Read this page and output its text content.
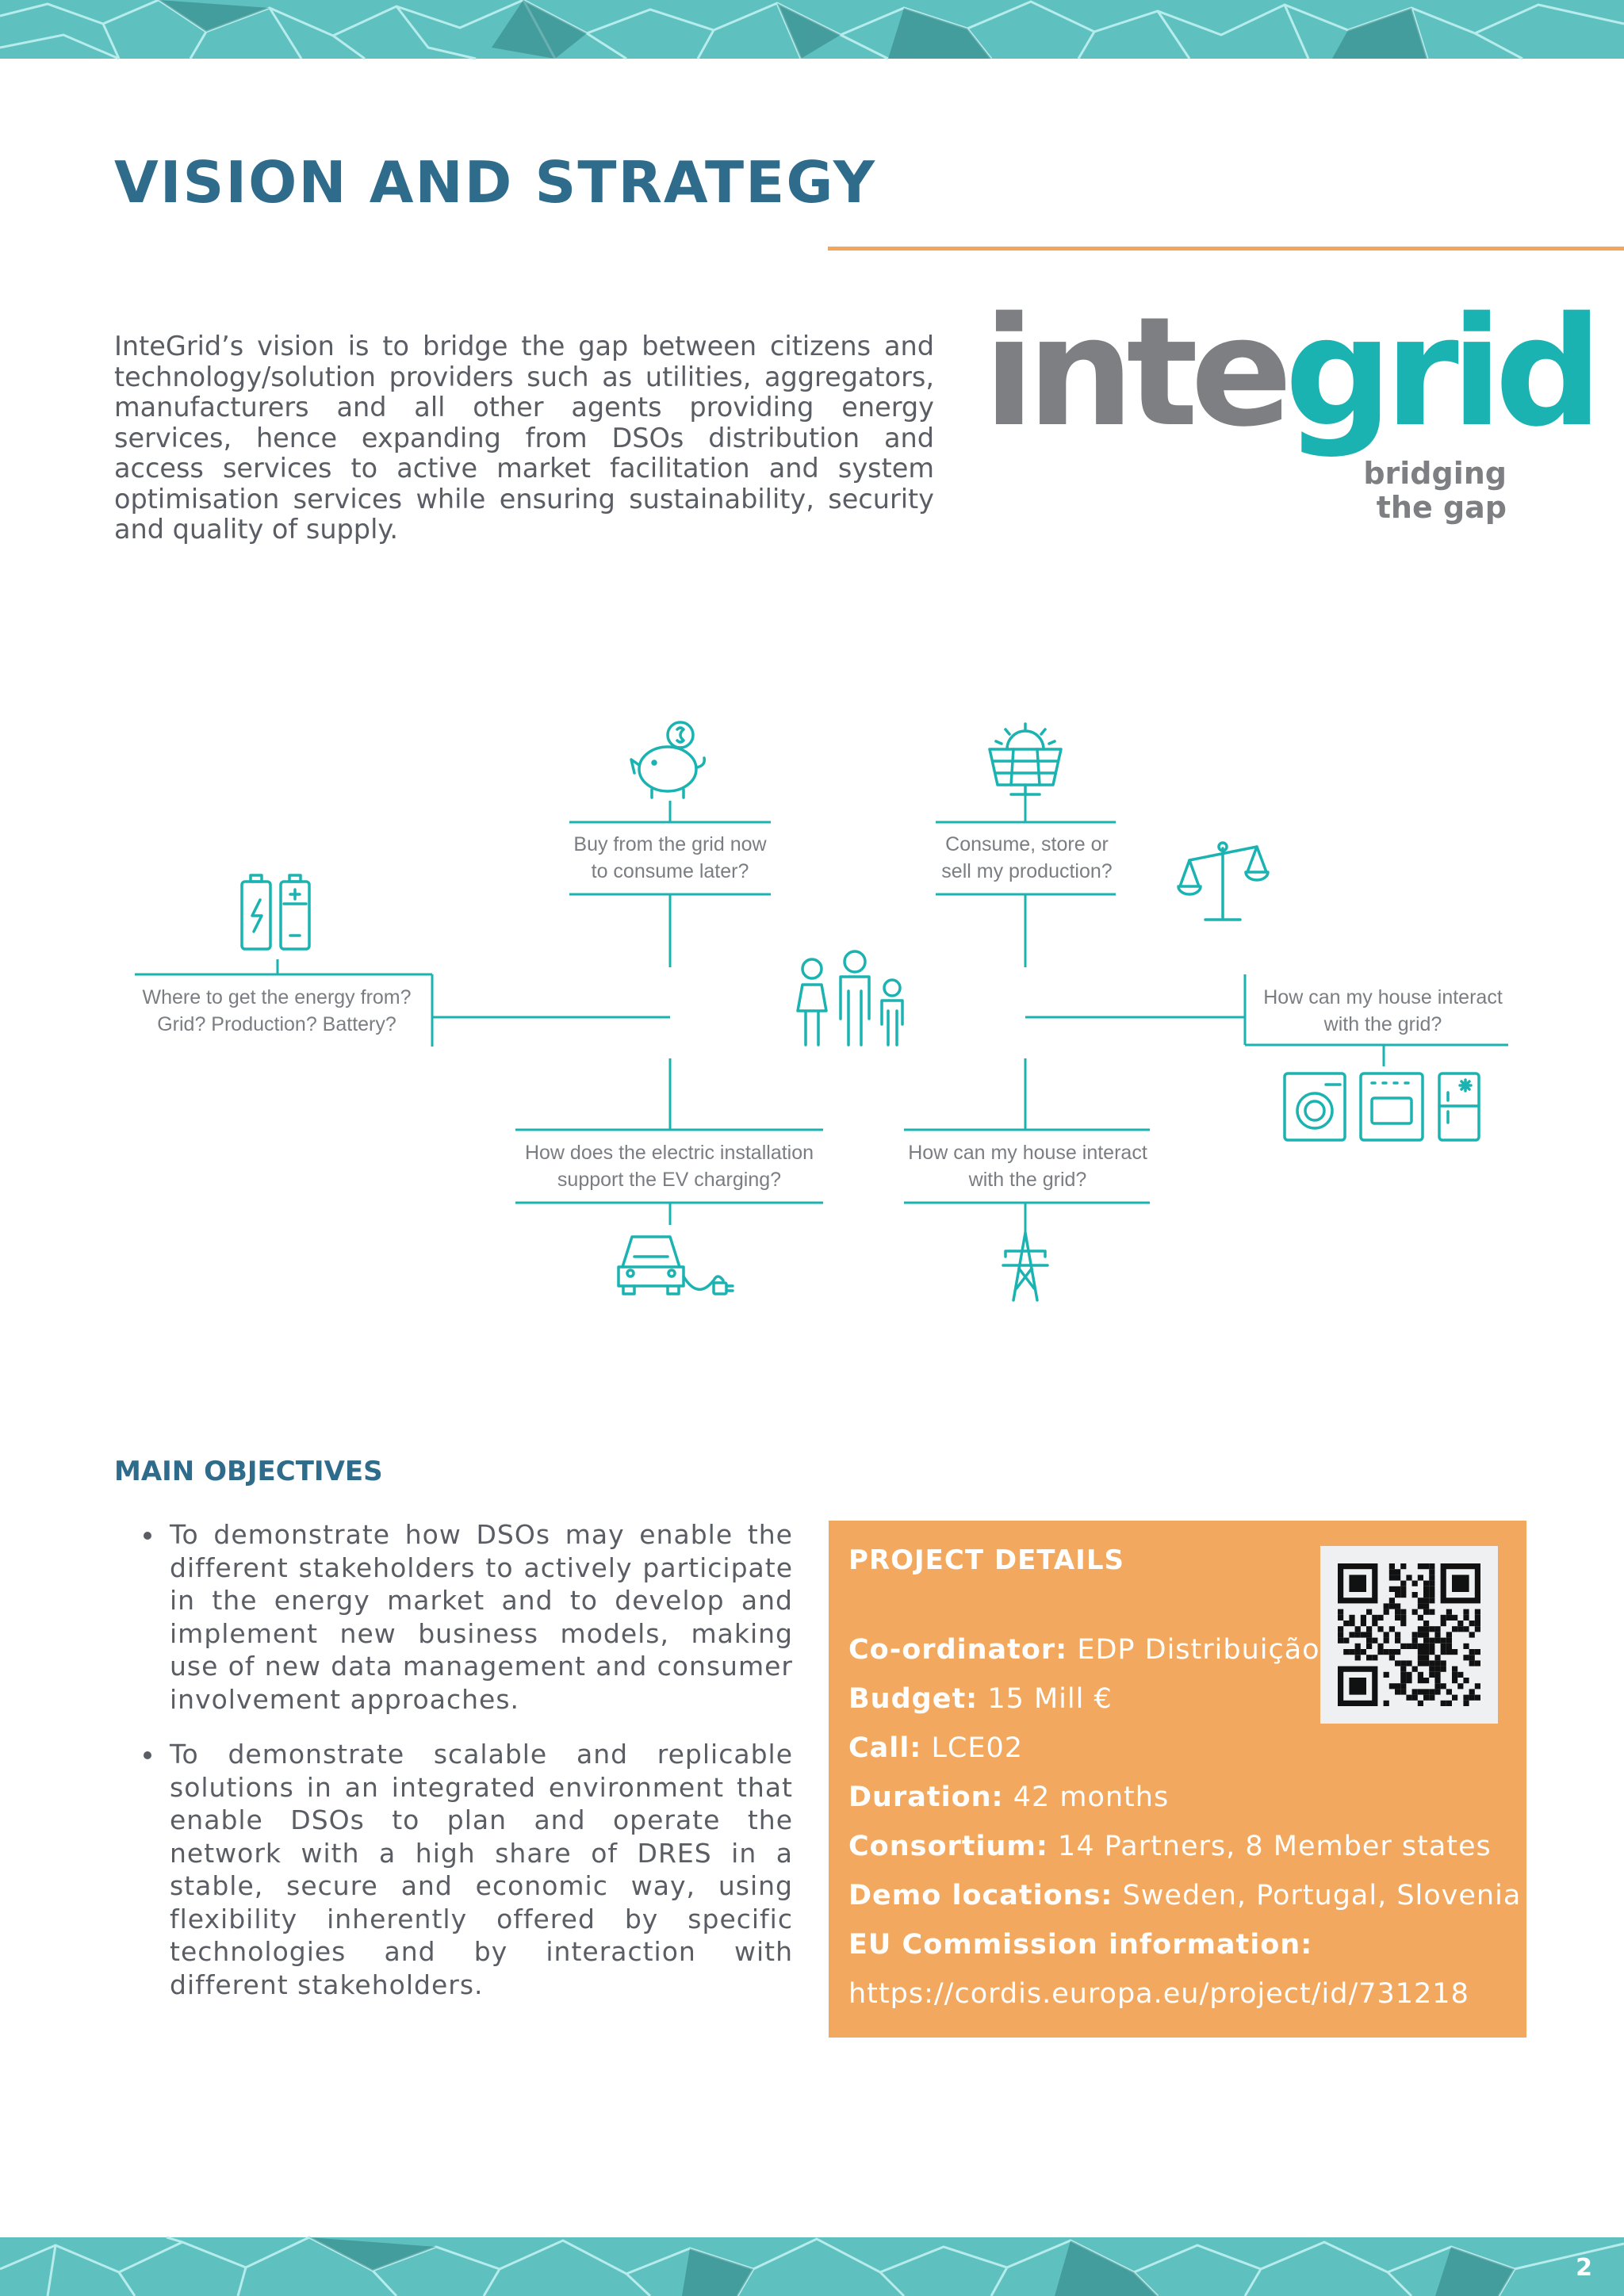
VISION AND STRATEGY

InteGrid’s vision is to bridge the gap between citizens and technology/solution providers such as utilities, aggregators, manufacturers and all other agents providing energy services, hence expanding from DSOs distribution and access services to active market facilitation and system optimisation services while ensuring sustainability, security and quality of supply.

integrid
bridging
the gap
Buy from the grid now
to consume later?
Consume, store or
sell my production?
Where to get the energy from?
Grid? Production? Battery?
How can my house interact
with the grid?
How does the electric installation
support the EV charging?
How can my house interact
with the grid?
MAIN OBJECTIVES
• To demonstrate how DSOs may enable the different stakeholders to actively participate in the energy market and to develop and implement new business models, making use of new data management and consumer involvement approaches.
• To demonstrate scalable and replicable solutions in an integrated environment that enable DSOs to plan and operate the network with a high share of DRES in a stable, secure and economic way, using flexibility inherently offered by specific technologies and by interaction with different stakeholders.
PROJECT DETAILS
Co-ordinator: EDP Distribuição
Budget: 15 Mill €
Call: LCE02
Duration: 42 months
Consortium: 14 Partners, 8 Member states
Demo locations: Sweden, Portugal, Slovenia
EU Commission information:
https://cordis.europa.eu/project/id/731218
2
